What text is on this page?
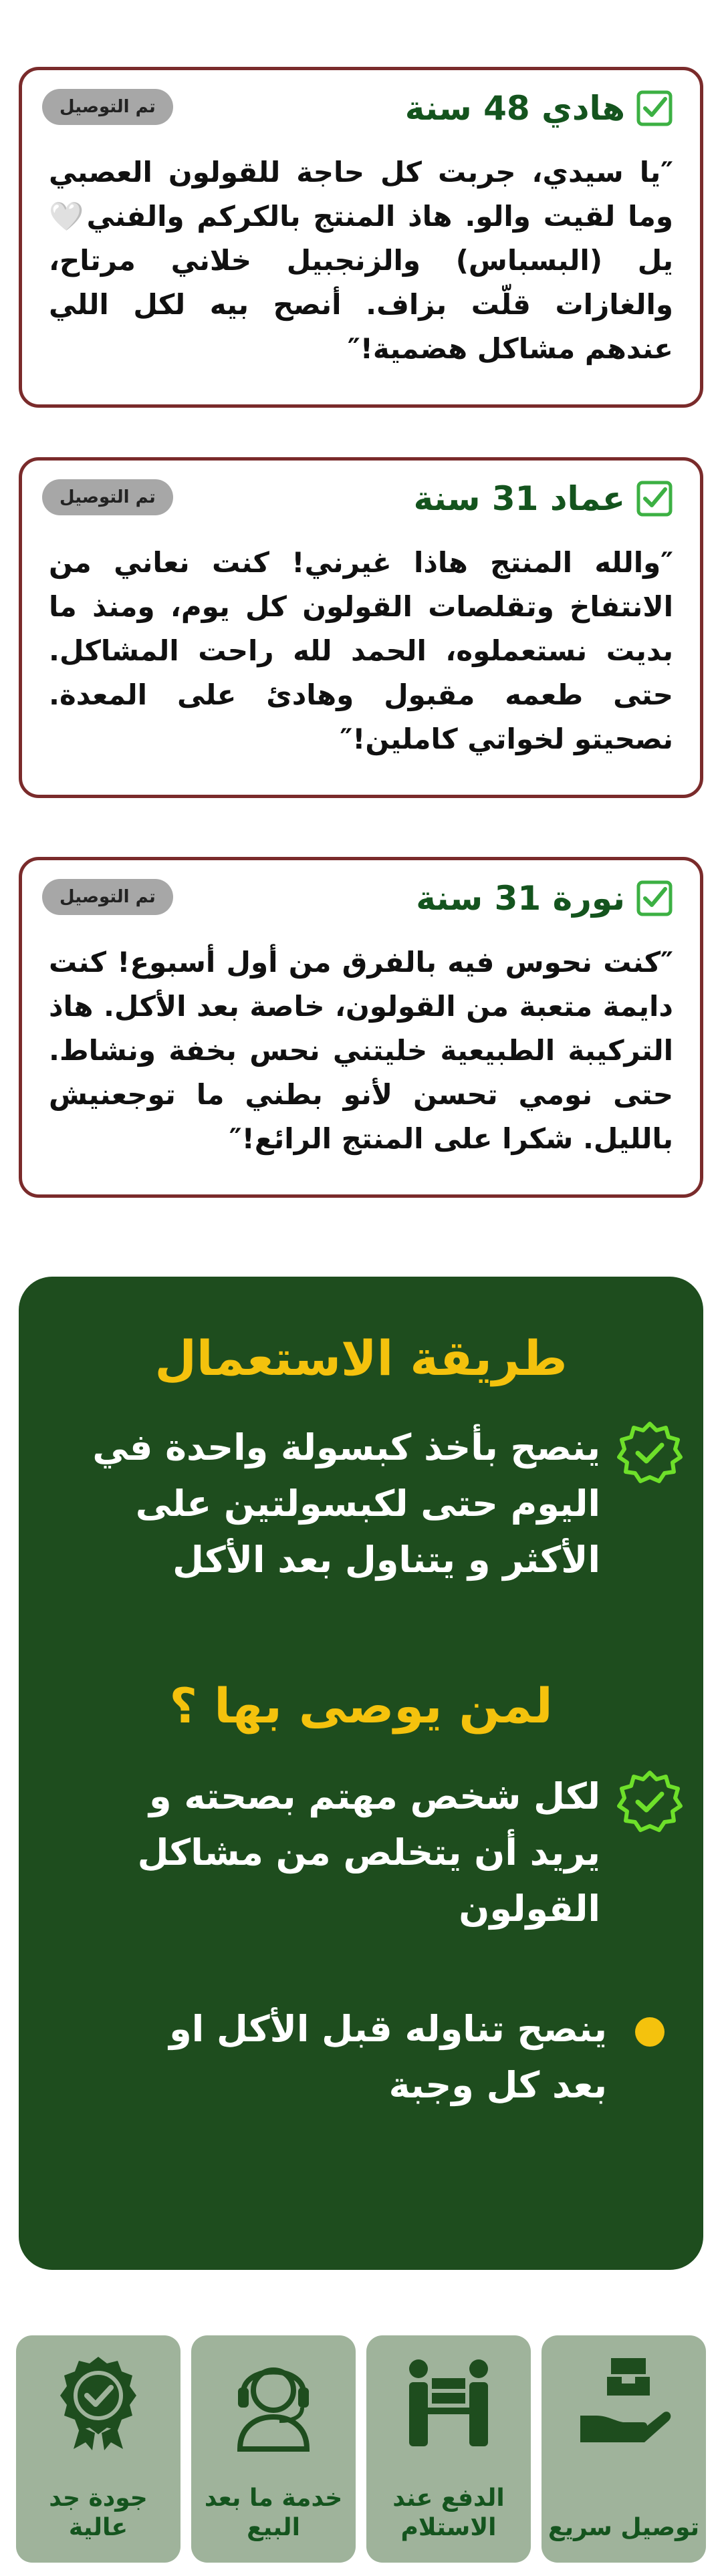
تم التوصيل	هادي 48 سنة
″يا سيدي، جربت كل حاجة للقولون العصبي وما لقيت والو. هاذ المنتج بالكركم والفني🤍يل (البسباس) والزنجبيل خلاني مرتاح، والغازات قلّت بزاف. أنصح بيه لكل اللي عندهم مشاكل هضمية!″
تم التوصيل	عماد 31 سنة
″والله المنتج هاذا غيرني! كنت نعاني من الانتفاخ وتقلصات القولون كل يوم، ومنذ ما بديت نستعملوه، الحمد لله راحت المشاكل. حتى طعمه مقبول وهادئ على المعدة. نصحيتو لخواتي كاملين!″
تم التوصيل	نورة 31 سنة
″كنت نحوس فيه بالفرق من أول أسبوع! كنت دايمة متعبة من القولون، خاصة بعد الأكل. هاذ التركيبة الطبيعية خليتني نحس بخفة ونشاط. حتى نومي تحسن لأنو بطني ما توجعنيش بالليل. شكرا على المنتج الرائع!″
طريقة الاستعمال
ينصح بأخذ كبسولة واحدة في اليوم حتى لكبسولتين على الأكثر و يتناول بعد الأكل
لمن يوصى بها ؟
لكل شخص مهتم بصحته و يريد أن يتخلص من مشاكل القولون
ينصح تناوله قبل الأكل او بعد كل وجبة
جودة جد عالية
خدمة ما بعد البيع
الدفع عند الاستلام	توصيل سريع
